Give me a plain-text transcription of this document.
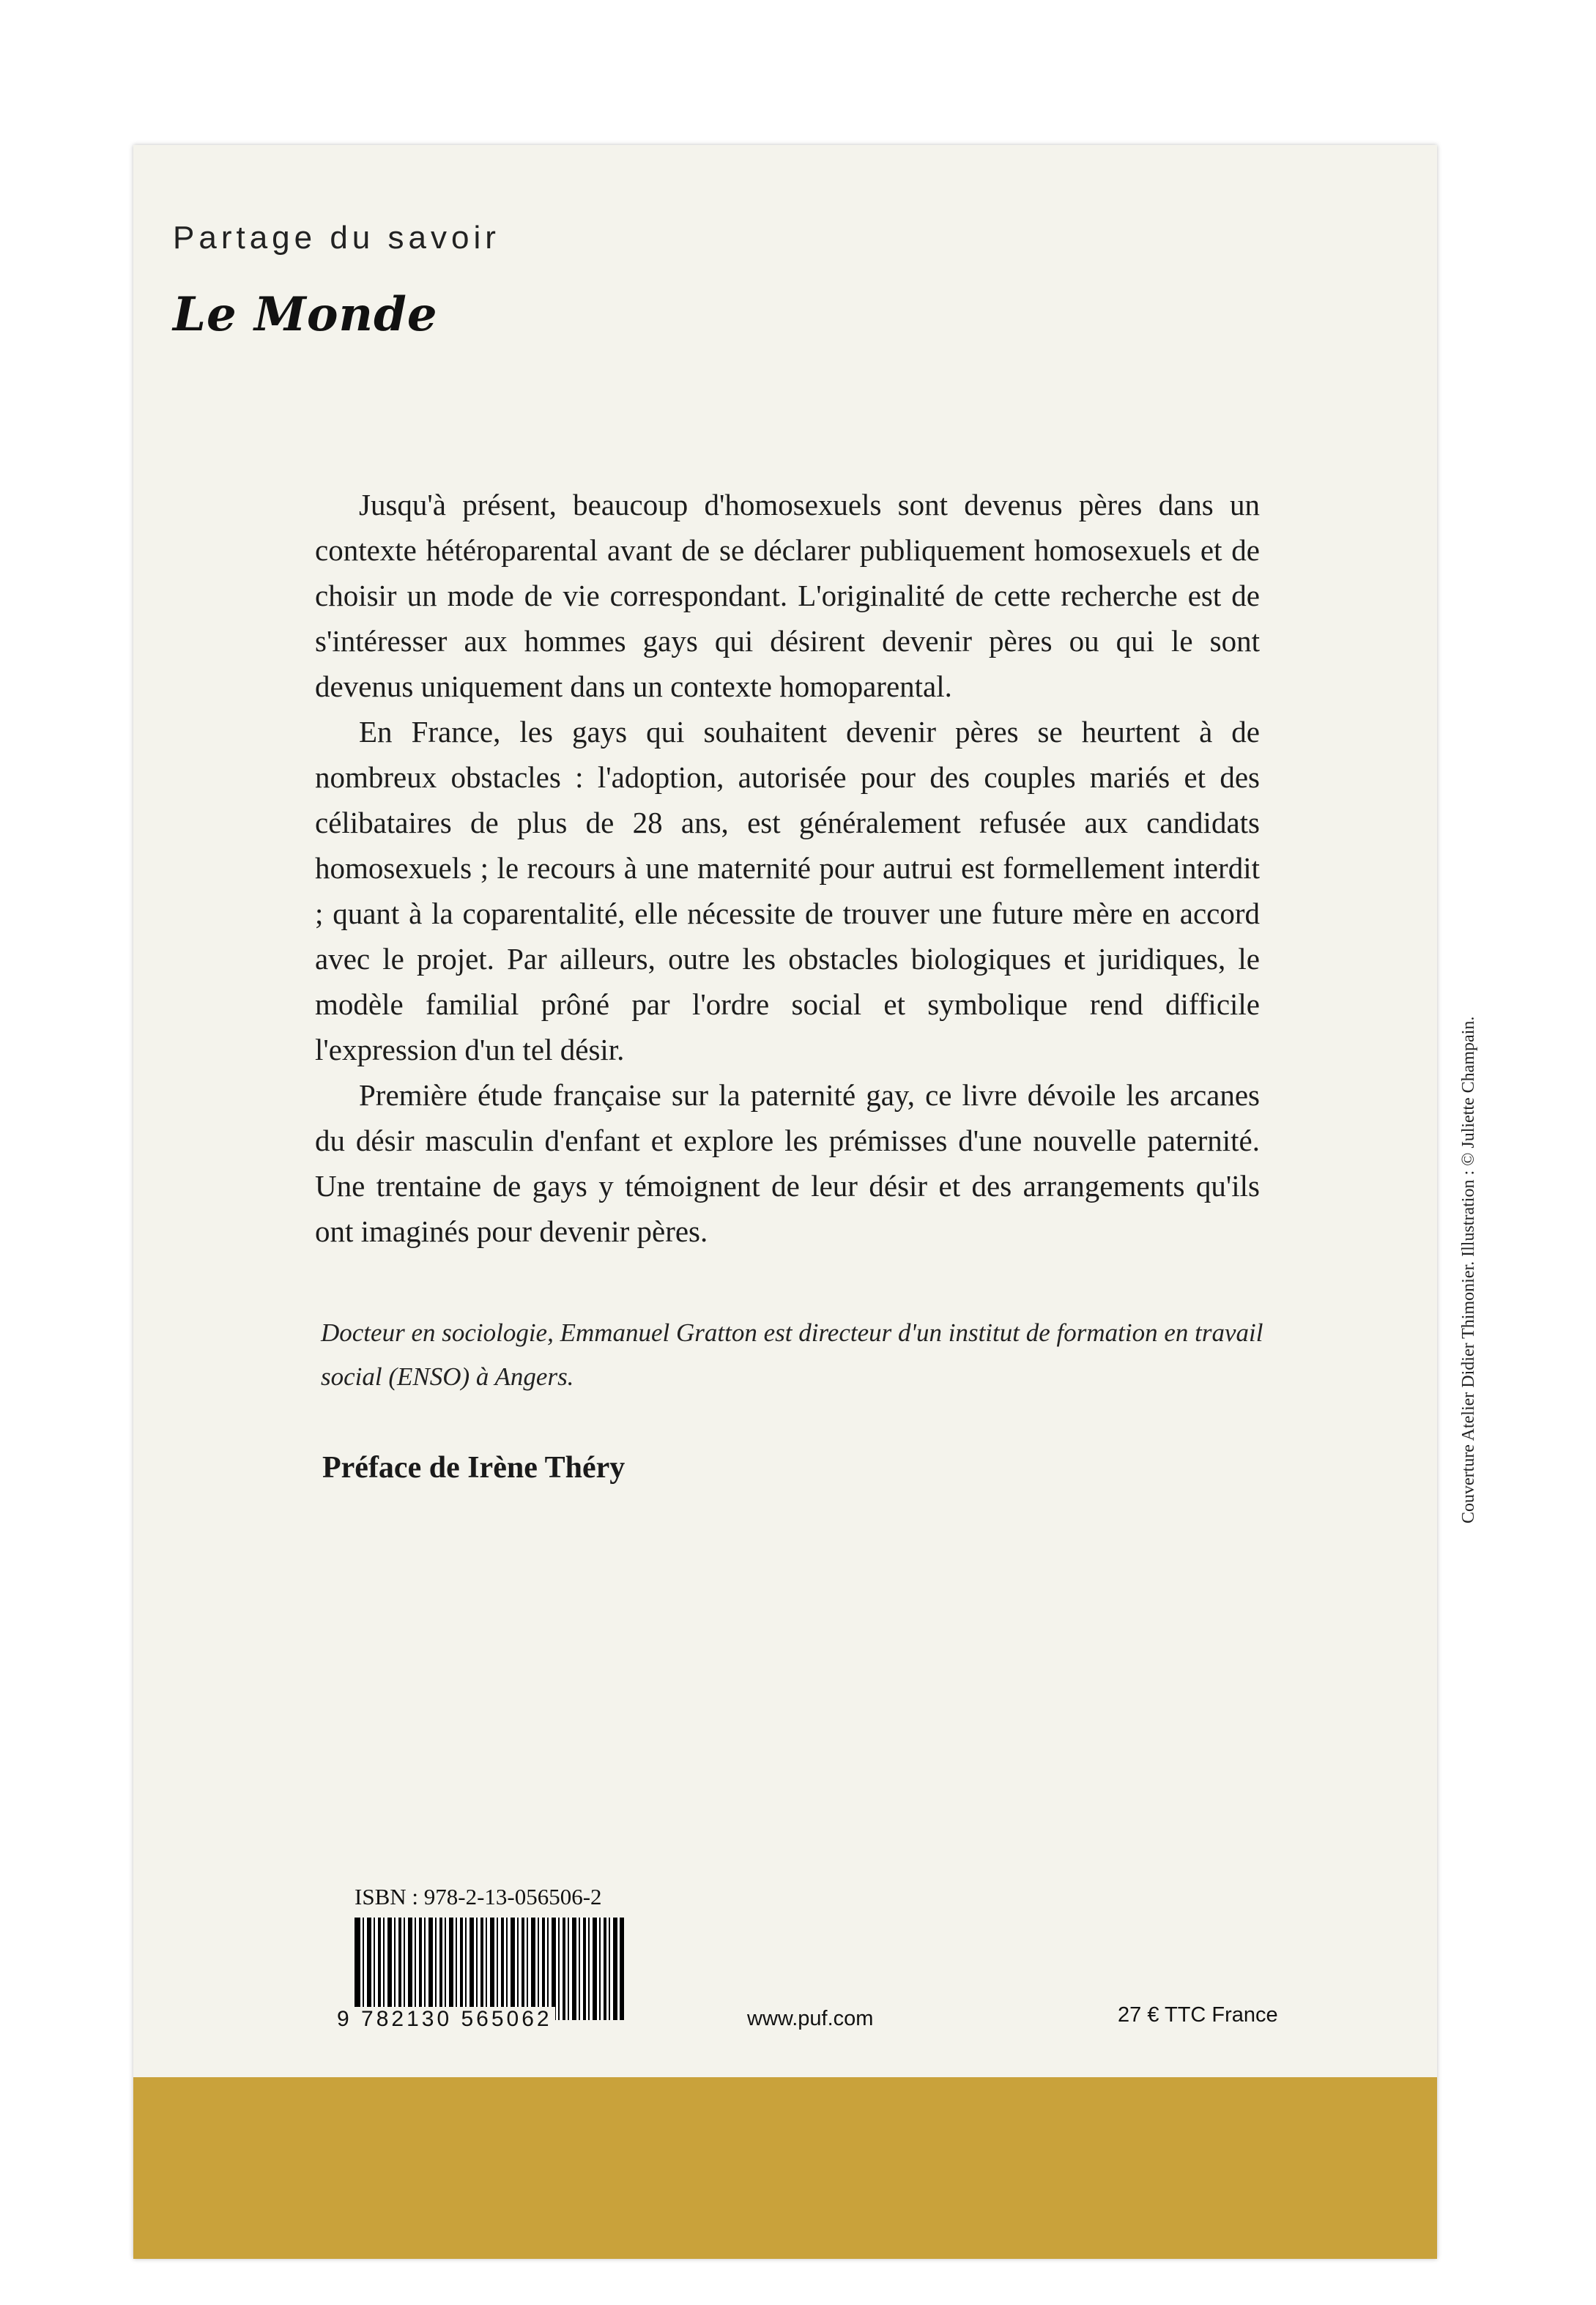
Partage du savoir
Le Monde

Jusqu'à présent, beaucoup d'homosexuels sont devenus pères dans un contexte hétéroparental avant de se déclarer publiquement homosexuels et de choisir un mode de vie correspondant. L'originalité de cette recherche est de s'intéresser aux hommes gays qui désirent devenir pères ou qui le sont devenus uniquement dans un contexte homoparental.

En France, les gays qui souhaitent devenir pères se heurtent à de nombreux obstacles : l'adoption, autorisée pour des couples mariés et des célibataires de plus de 28 ans, est généralement refusée aux candidats homosexuels ; le recours à une maternité pour autrui est formellement interdit ; quant à la coparentalité, elle nécessite de trouver une future mère en accord avec le projet. Par ailleurs, outre les obstacles biologiques et juridiques, le modèle familial prôné par l'ordre social et symbolique rend difficile l'expression d'un tel désir.

Première étude française sur la paternité gay, ce livre dévoile les arcanes du désir masculin d'enfant et explore les prémisses d'une nouvelle paternité. Une trentaine de gays y témoignent de leur désir et des arrangements qu'ils ont imaginés pour devenir pères.

Docteur en sociologie, Emmanuel Gratton est directeur d'un institut de formation en travail social (ENSO) à Angers.
Préface de Irène Théry	Couverture Atelier Didier Thimonier. Illustration : © Juliette Champain.
ISBN : 978-2-13-056506-2
9 782130 565062	www.puf.com	27 € TTC France
